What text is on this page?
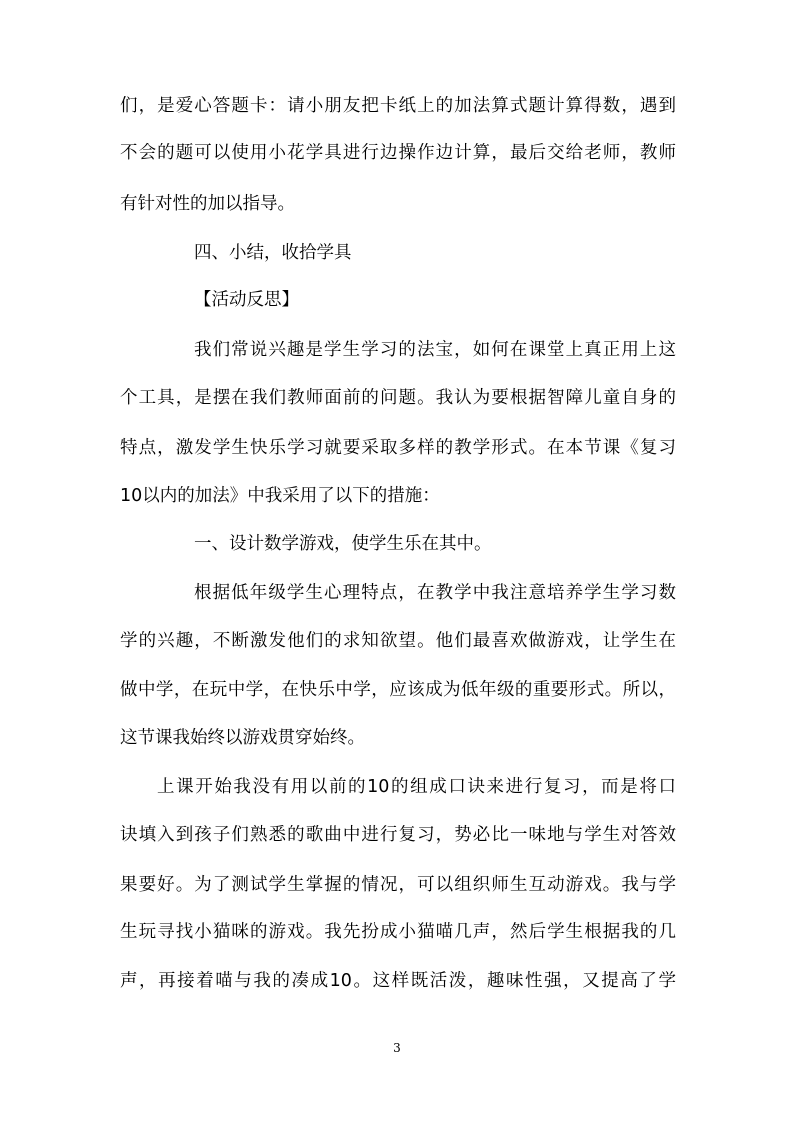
们，是爱心答题卡：请小朋友把卡纸上的加法算式题计算得数，遇到
不会的题可以使用小花学具进行边操作边计算，最后交给老师，教师
有针对性的加以指导。
四、小结，收拾学具
【活动反思】
我们常说兴趣是学生学习的法宝，如何在课堂上真正用上这
个工具，是摆在我们教师面前的问题。我认为要根据智障儿童自身的
特点，激发学生快乐学习就要采取多样的教学形式。在本节课《复习
10以内的加法》中我采用了以下的措施：
一、设计数学游戏，使学生乐在其中。
根据低年级学生心理特点，在教学中我注意培养学生学习数
学的兴趣，不断激发他们的求知欲望。他们最喜欢做游戏，让学生在
做中学，在玩中学，在快乐中学，应该成为低年级的重要形式。所以，
这节课我始终以游戏贯穿始终。
上课开始我没有用以前的10的组成口诀来进行复习，而是将口
诀填入到孩子们熟悉的歌曲中进行复习，势必比一味地与学生对答效
果要好。为了测试学生掌握的情况，可以组织师生互动游戏。我与学
生玩寻找小猫咪的游戏。我先扮成小猫喵几声，然后学生根据我的几
声，再接着喵与我的凑成10。这样既活泼，趣味性强，又提高了学
3
